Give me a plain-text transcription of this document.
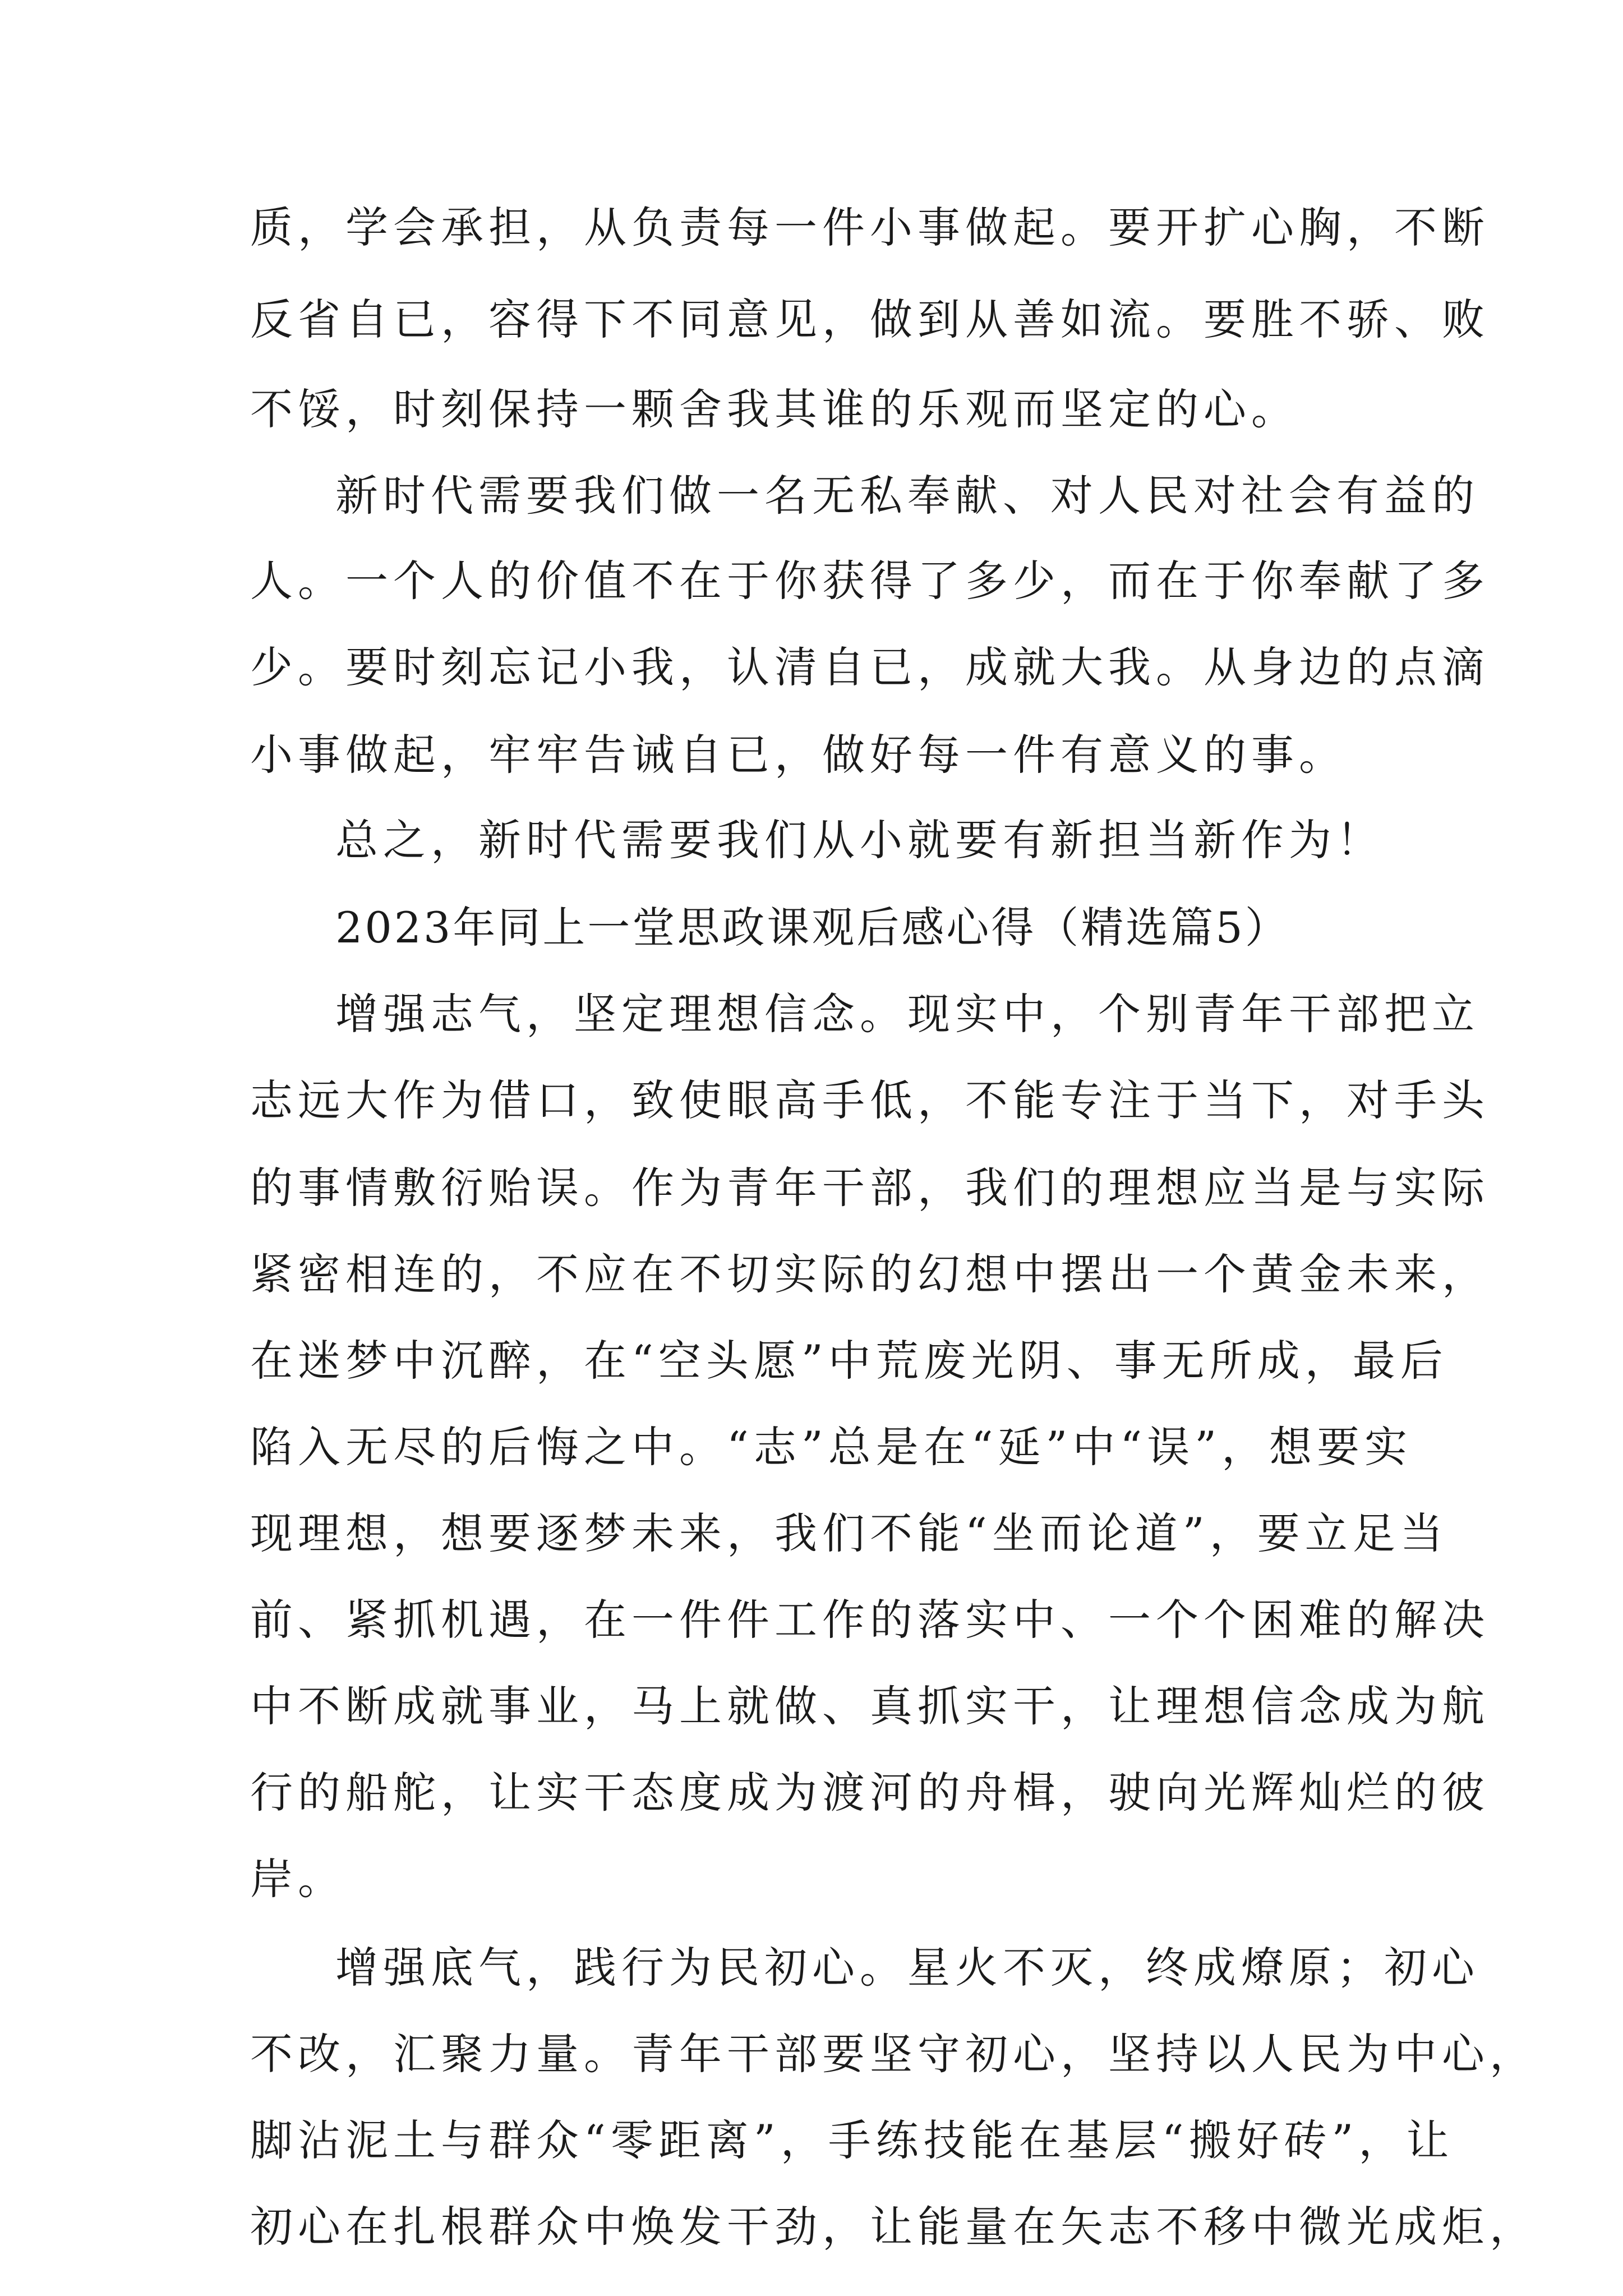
质，学会承担，从负责每一件小事做起。要开扩心胸，不断
反省自已，容得下不同意见，做到从善如流。要胜不骄、败
不馁，时刻保持一颗舍我其谁的乐观而坚定的心。
新时代需要我们做一名无私奉献、对人民对社会有益的
人。一个人的价值不在于你获得了多少，而在于你奉献了多
少。要时刻忘记小我，认清自已，成就大我。从身边的点滴
小事做起，牢牢告诫自已，做好每一件有意义的事。
总之，新时代需要我们从小就要有新担当新作为！
2023年同上一堂思政课观后感心得（精选篇5）
增强志气，坚定理想信念。现实中，个别青年干部把立
志远大作为借口，致使眼高手低，不能专注于当下，对手头
的事情敷衍贻误。作为青年干部，我们的理想应当是与实际
紧密相连的，不应在不切实际的幻想中摆出一个黄金未来，
在迷梦中沉醉，在“空头愿”中荒废光阴、事无所成，最后
陷入无尽的后悔之中。“志”总是在“延”中“误”，想要实
现理想，想要逐梦未来，我们不能“坐而论道”，要立足当
前、紧抓机遇，在一件件工作的落实中、一个个困难的解决
中不断成就事业，马上就做、真抓实干，让理想信念成为航
行的船舵，让实干态度成为渡河的舟楫，驶向光辉灿烂的彼
岸。
增强底气，践行为民初心。星火不灭，终成燎原；初心
不改，汇聚力量。青年干部要坚守初心，坚持以人民为中心，
脚沾泥土与群众“零距离”，手练技能在基层“搬好砖”，让
初心在扎根群众中焕发干劲，让能量在矢志不移中微光成炬，
